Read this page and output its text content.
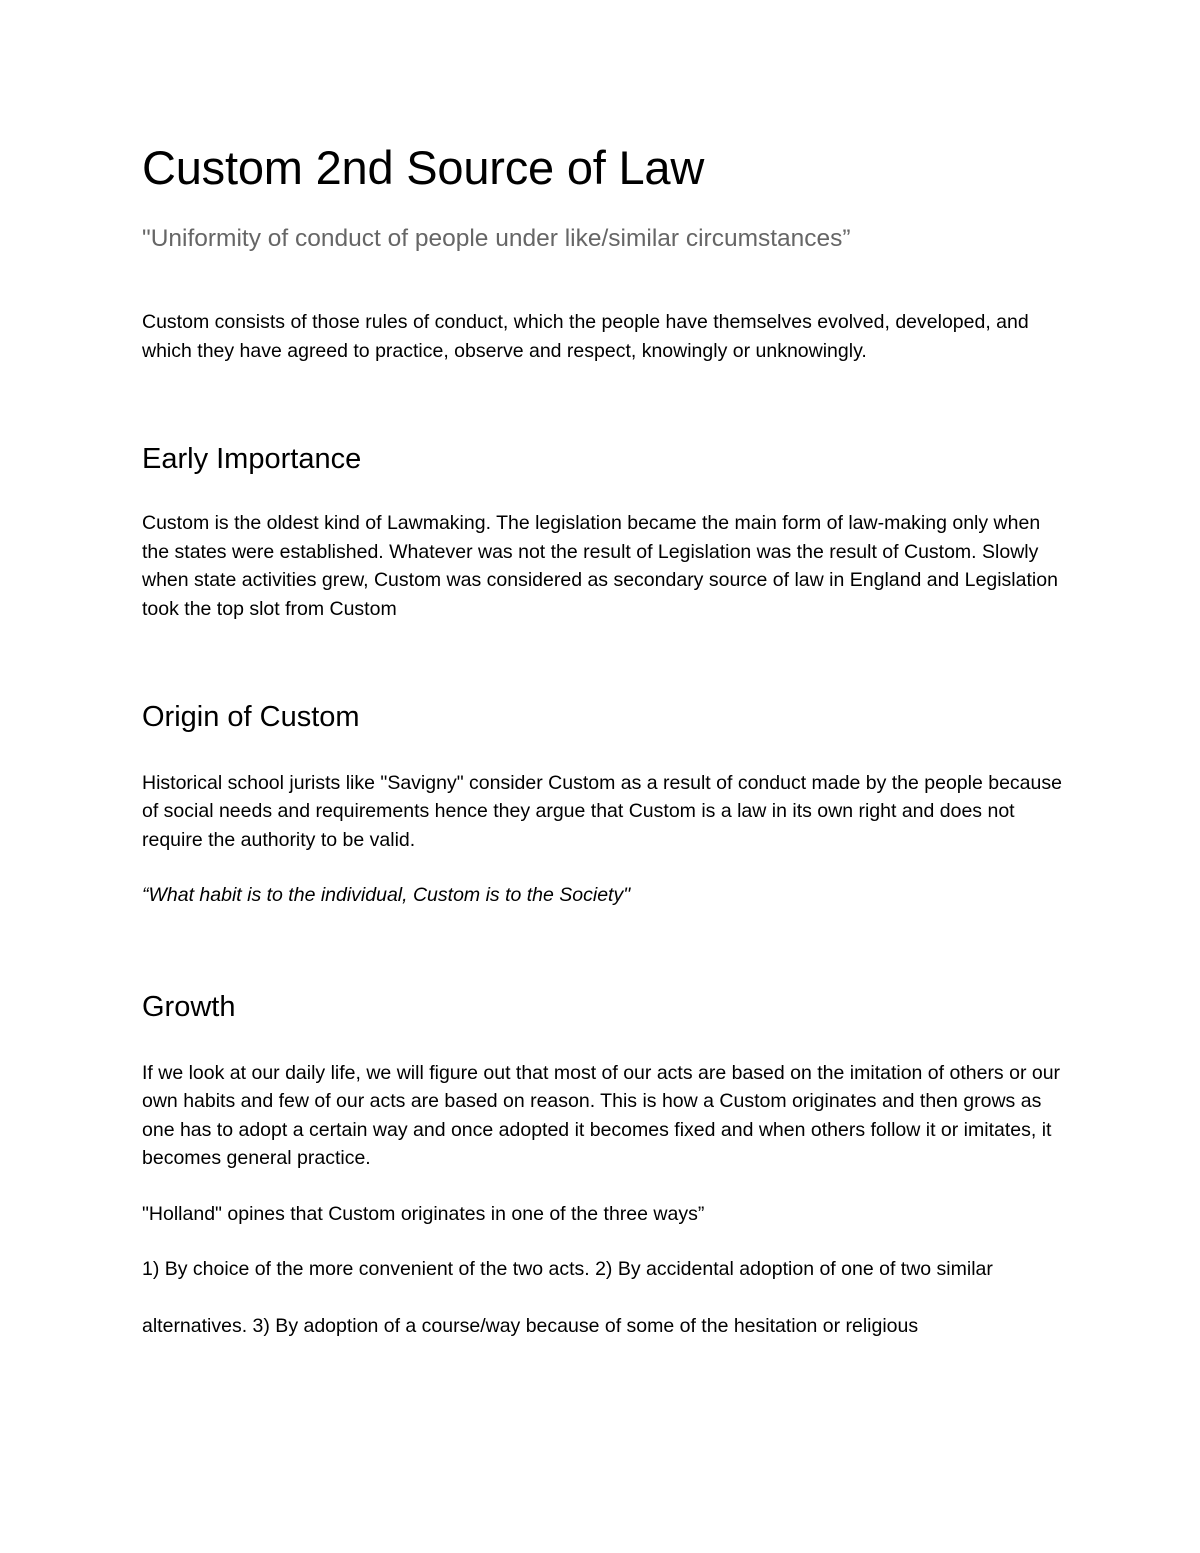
Custom 2nd Source of Law
"Uniformity of conduct of people under like/similar circumstances”

Custom consists of those rules of conduct, which the people have themselves evolved, developed, and which they have agreed to practice, observe and respect, knowingly or unknowingly.

Early Importance

Custom is the oldest kind of Lawmaking. The legislation became the main form of law-making only when the states were established. Whatever was not the result of Legislation was the result of Custom. Slowly when state activities grew, Custom was considered as secondary source of law in England and Legislation took the top slot from Custom

Origin of Custom

Historical school jurists like "Savigny" consider Custom as a result of conduct made by the people because of social needs and requirements hence they argue that Custom is a law in its own right and does not require the authority to be valid.

“What habit is to the individual, Custom is to the Society"

Growth

If we look at our daily life, we will figure out that most of our acts are based on the imitation of others or our own habits and few of our acts are based on reason. This is how a Custom originates and then grows as one has to adopt a certain way and once adopted it becomes fixed and when others follow it or imitates, it becomes general practice.

"Holland" opines that Custom originates in one of the three ways”

1) By choice of the more convenient of the two acts. 2) By accidental adoption of one of two similar

alternatives. 3) By adoption of a course/way because of some of the hesitation or religious
